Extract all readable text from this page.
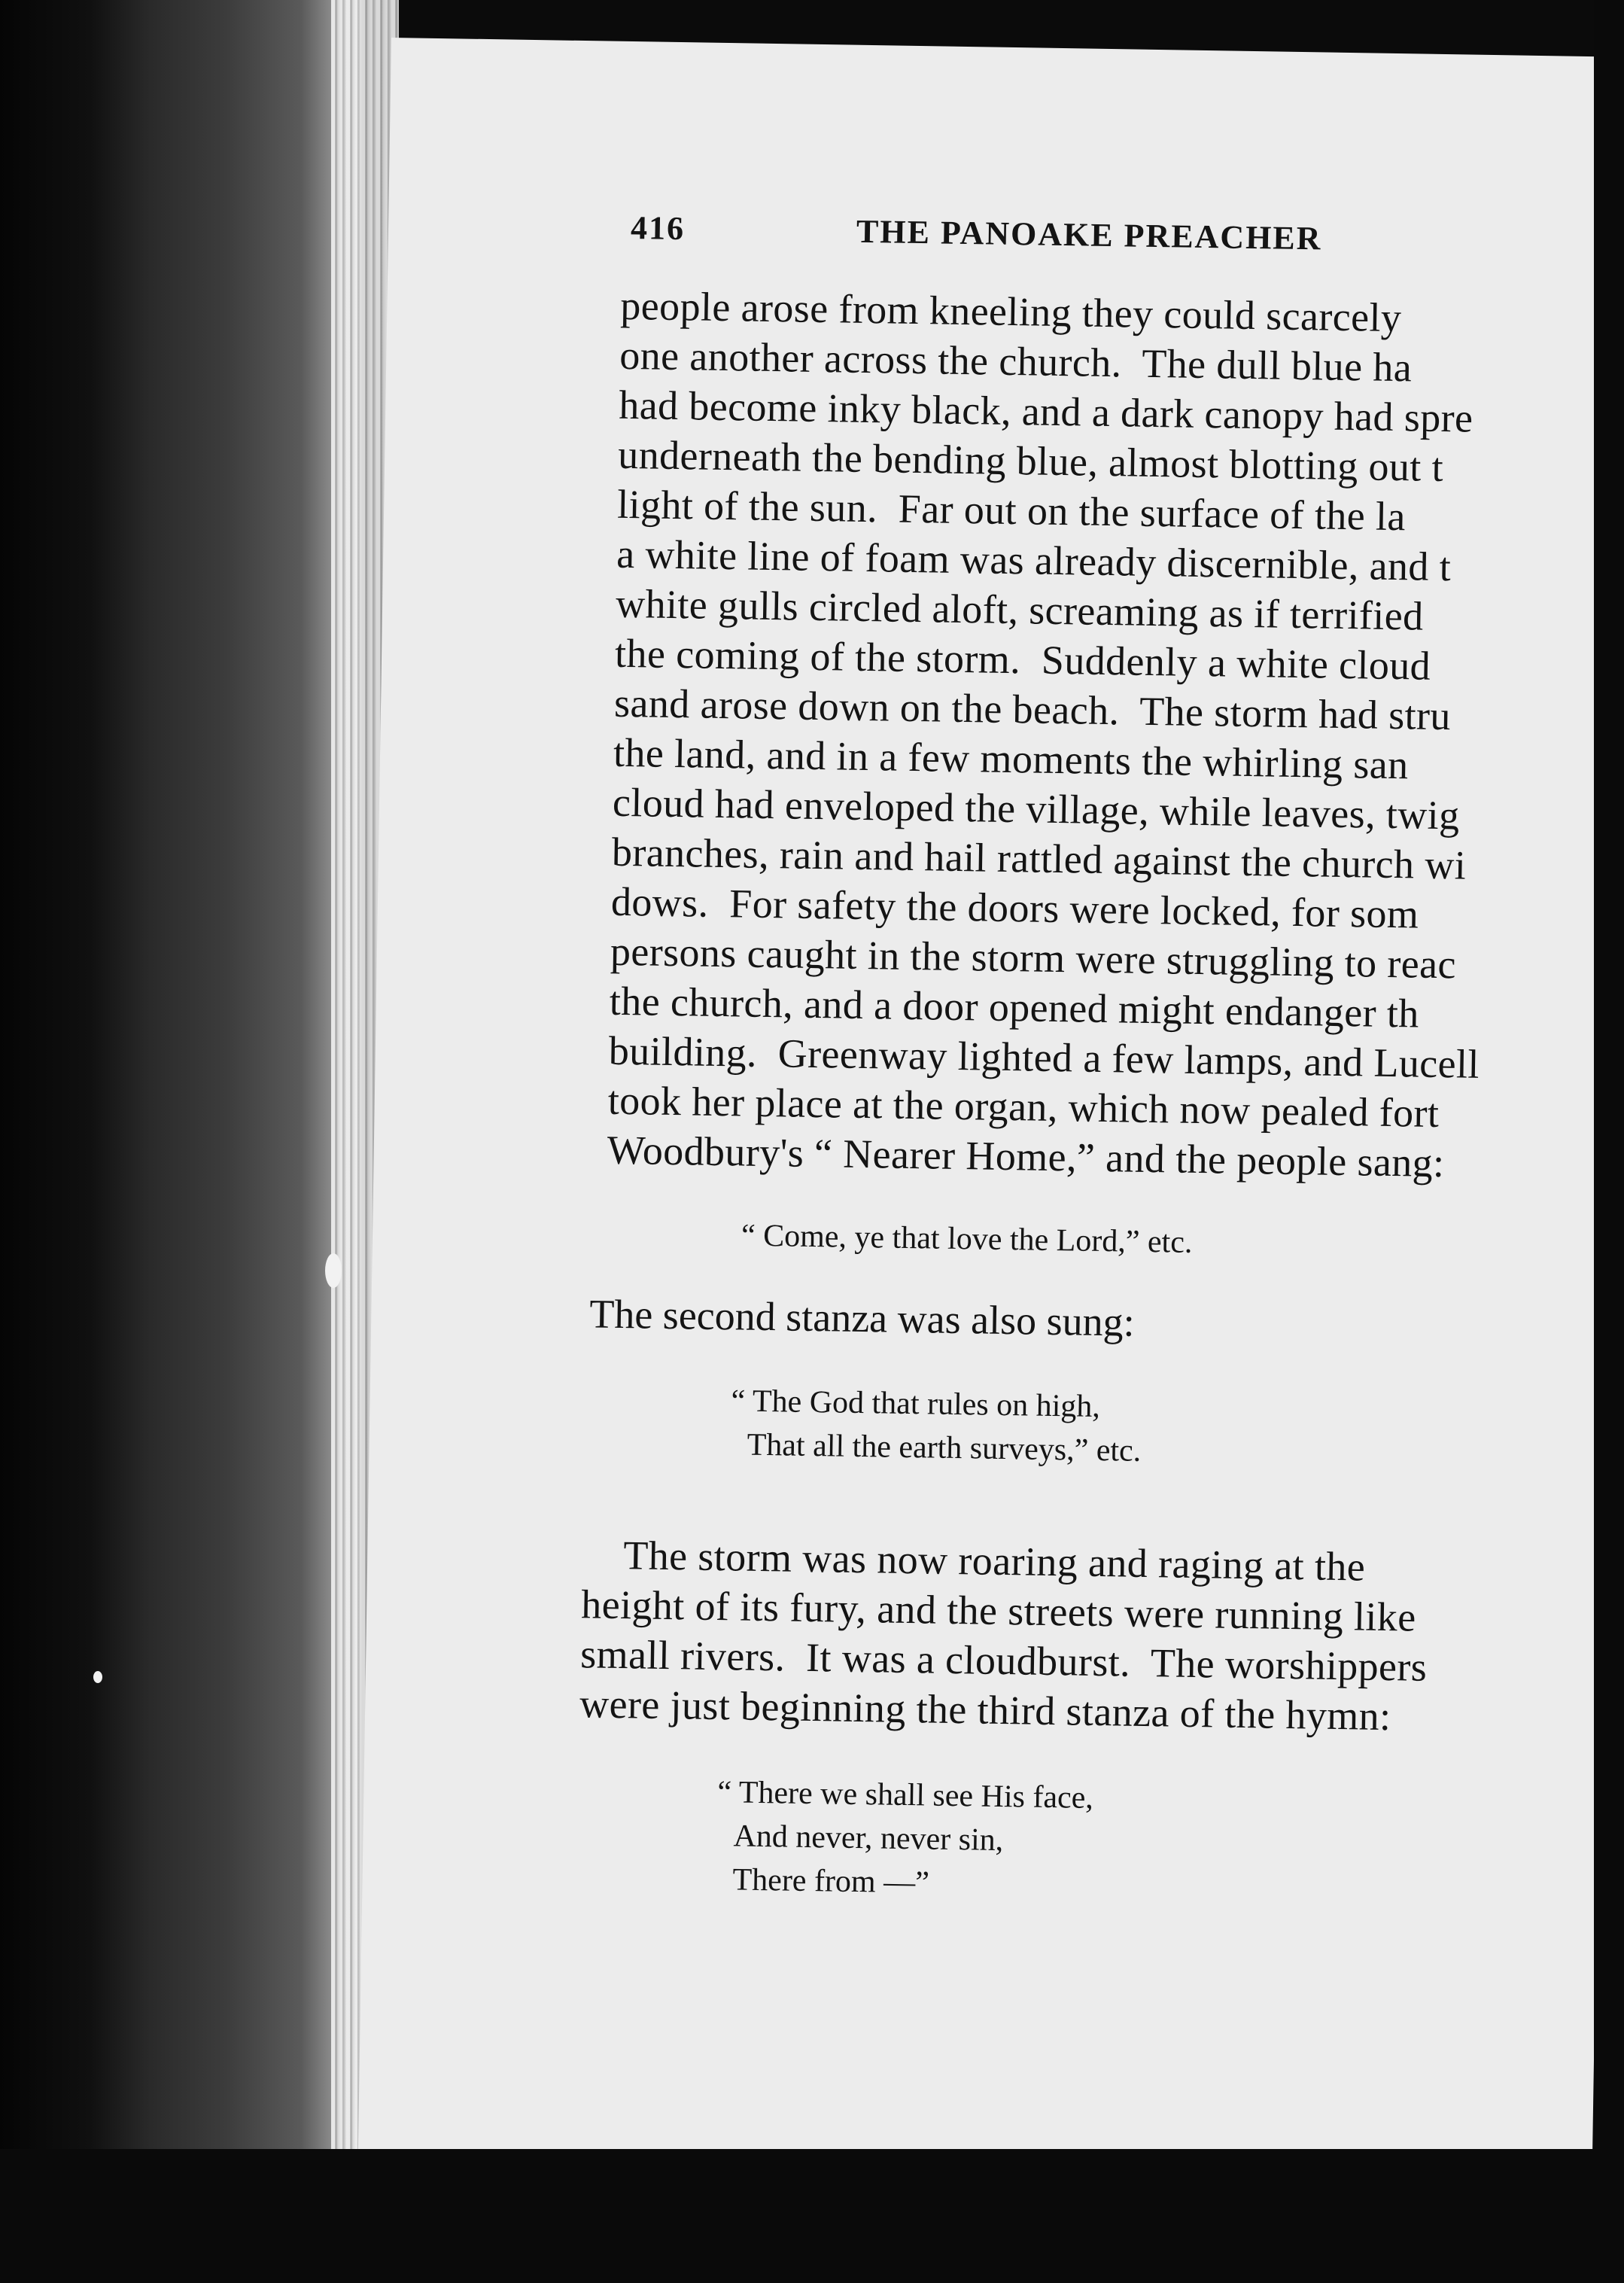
416

	THE PANOAKE PREACHER

people arose from kneeling they could scarcely
one another across the church.  The dull blue ha
had become inky black, and a dark canopy had spre
underneath the bending blue, almost blotting out t
light of the sun.  Far out on the surface of the la
a white line of foam was already discernible, and t
white gulls circled aloft, screaming as if terrified
the coming of the storm.  Suddenly a white cloud
sand arose down on the beach.  The storm had stru
the land, and in a few moments the whirling san
cloud had enveloped the village, while leaves, twig
branches, rain and hail rattled against the church wi
dows.  For safety the doors were locked, for som
persons caught in the storm were struggling to reac
the church, and a door opened might endanger th
building.  Greenway lighted a few lamps, and Lucell
took her place at the organ, which now pealed fort
Woodbury's “ Nearer Home,” and the people sang:
“ Come, ye that love the Lord,” etc.
The second stanza was also sung:
“ The God that rules on high,
That all the earth surveys,” etc.
The storm was now roaring and raging at the
height of its fury, and the streets were running like
small rivers.  It was a cloudburst.  The worshippers
were just beginning the third stanza of the hymn:
“ There we shall see His face,
And never, never sin,
There from —”
